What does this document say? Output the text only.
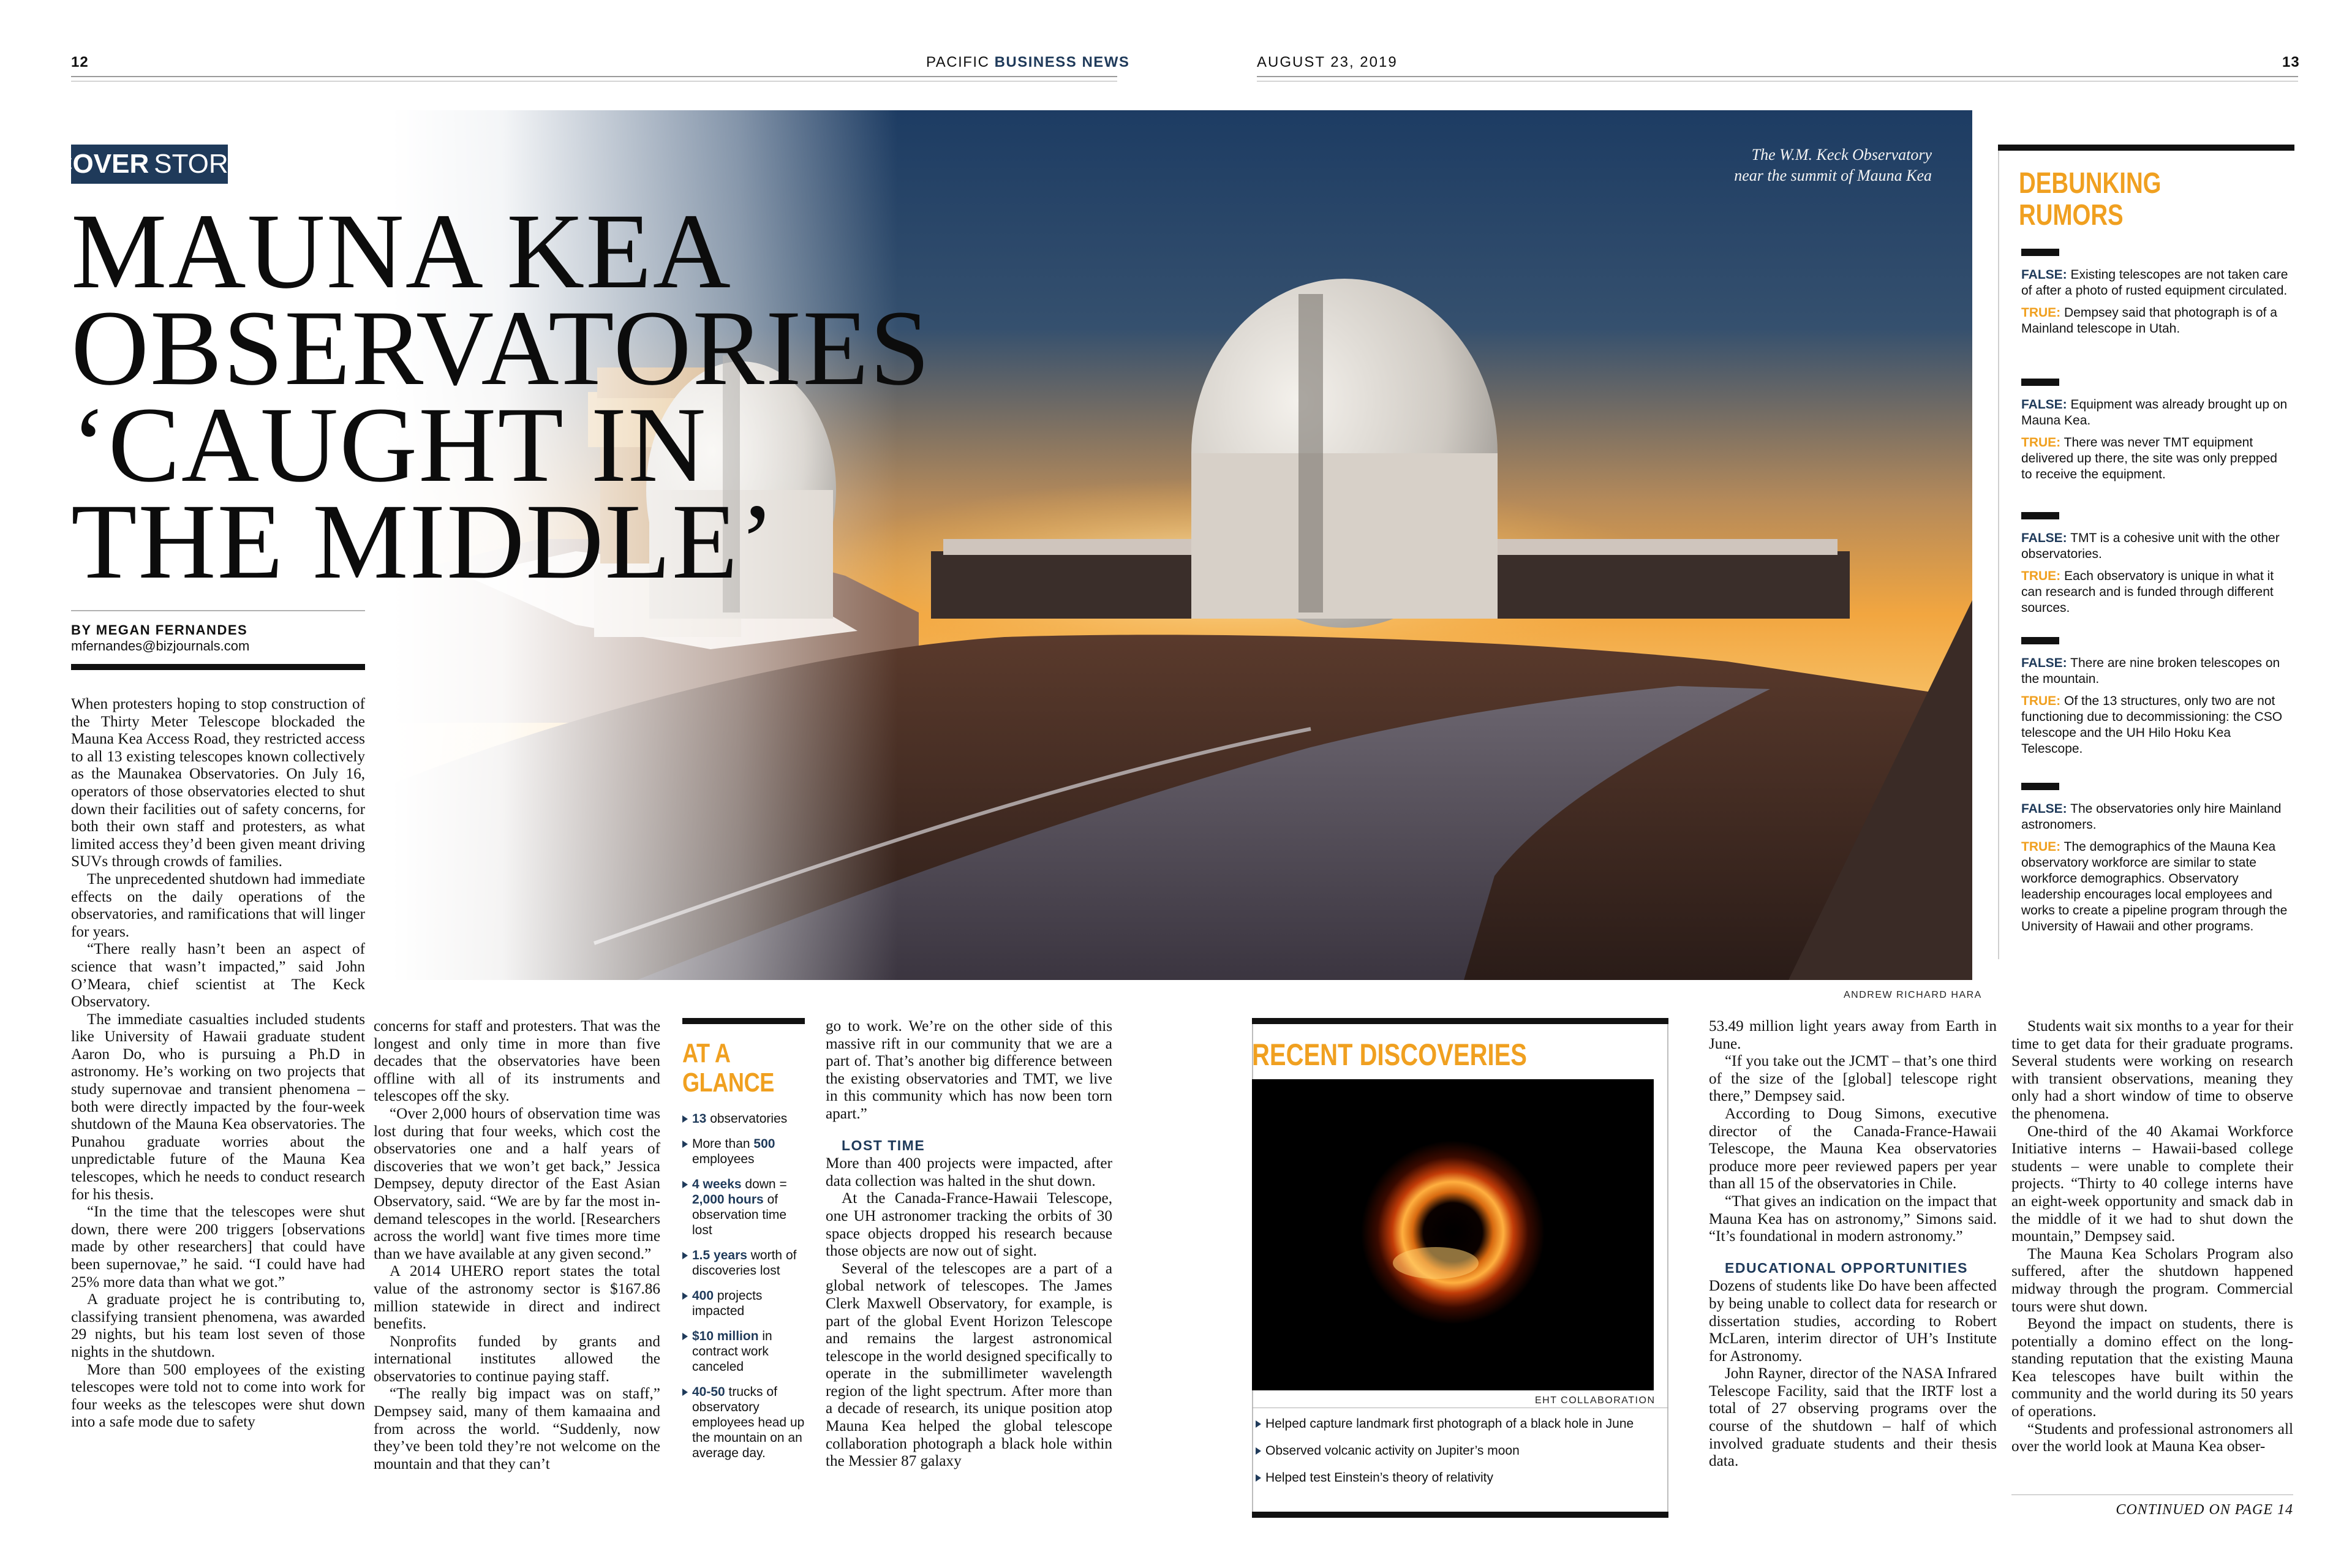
12	PACIFIC BUSINESS NEWS	AUGUST 23, 2019	13
COVER STORY
MAUNA KEA
OBSERVATORIES
‘CAUGHT IN
THE MIDDLE’
The W.M. Keck Observatory
near the summit of Mauna Kea
ANDREW RICHARD HARA
BY MEGAN FERNANDES
mfernandes@bizjournals.com

When protesters hoping to stop construction of the Thirty Meter Telescope blockaded the Mauna Kea Access Road, they restricted access to all 13 existing telescopes known collectively as the Maunakea Observatories. On July 16, operators of those observatories elected to shut down their facilities out of safety concerns, for both their own staff and protesters, as what limited access they’d been given meant driving SUVs through crowds of families.

The unprecedented shutdown had immediate effects on the daily operations of the observatories, and ramifications that will linger for years.

“There really hasn’t been an aspect of science that wasn’t impacted,” said John O’Meara, chief scientist at The Keck Observatory.

The immediate casualties included students like University of Hawaii graduate student Aaron Do, who is pursuing a Ph.D in astronomy. He’s working on two projects that study supernovae and transient phenomena – both were directly impacted by the four-week shutdown of the Mauna Kea observatories. The Punahou graduate worries about the unpredictable future of the Mauna Kea telescopes, which he needs to conduct research for his thesis.

“In the time that the telescopes were shut down, there were 200 triggers [observations made by other researchers] that could have been supernovae,” he said. “I could have had 25% more data than what we got.”

A graduate project he is contributing to, classifying transient phenomena, was awarded 29 nights, but his team lost seven of those nights in the shutdown.

More than 500 employees of the existing telescopes were told not to come into work for four weeks as the telescopes were shut down into a safe mode due to safety

concerns for staff and protesters. That was the longest and only time in more than five decades that the observatories have been offline with all of its instruments and telescopes off the sky.

“Over 2,000 hours of observation time was lost during that four weeks, which cost the observatories one and a half years of discoveries that we won’t get back,” Jessica Dempsey, deputy director of the East Asian Observatory, said. “We are by far the most in-demand telescopes in the world. [Researchers across the world] want five times more time than we have available at any given second.”

A 2014 UHERO report states the total value of the astronomy sector is $167.86 million statewide in direct and indirect benefits.

Nonprofits funded by grants and international institutes allowed the observatories to continue paying staff.

“The really big impact was on staff,” Dempsey said, many of them kamaaina and from across the world. “Suddenly, now they’ve been told they’re not welcome on the mountain and that they can’t

AT A
GLANCE
13 observatories
More than 500 employees
4 weeks down = 2,000 hours of observation time lost
1.5 years worth of discoveries lost
400 projects impacted
$10 million in contract work canceled
40-50 trucks of observatory employees head up the mountain on an average day.

go to work. We’re on the other side of this massive rift in our community that we are a part of. That’s another big difference between the existing observatories and TMT, we live in this community which has now been torn apart.”

LOST TIME

More than 400 projects were impacted, after data collection was halted in the shut down.

At the Canada-France-Hawaii Telescope, one UH astronomer tracking the orbits of 30 space objects dropped his research because those objects are now out of sight.

Several of the telescopes are a part of a global network of telescopes. The James Clerk Maxwell Observatory, for example, is part of the global Event Horizon Telescope and remains the largest astronomical telescope in the world designed specifically to operate in the submillimeter wavelength region of the light spectrum. After more than a decade of research, its unique position atop Mauna Kea helped the global telescope collaboration photograph a black hole within the Messier 87 galaxy

RECENT DISCOVERIES
EHT COLLABORATION
Helped capture landmark first photograph of a black hole in June
Observed volcanic activity on Jupiter’s moon
Helped test Einstein’s theory of relativity

53.49 million light years away from Earth in June.

“If you take out the JCMT – that’s one third of the size of the [global] telescope right there,” Dempsey said.

According to Doug Simons, executive director of the Canada-France-Hawaii Telescope, the Mauna Kea observatories produce more peer reviewed papers per year than all 15 of the observatories in Chile.

“That gives an indication on the impact that Mauna Kea has on astronomy,” Simons said. “It’s foundational in modern astronomy.”

EDUCATIONAL OPPORTUNITIES

Dozens of students like Do have been affected by being unable to collect data for research or dissertation studies, according to Robert McLaren, interim director of UH’s Institute for Astronomy.

John Rayner, director of the NASA Infrared Telescope Facility, said that the IRTF lost a total of 27 observing programs over the course of the shutdown – half of which involved graduate students and their thesis data.

Students wait six months to a year for their time to get data for their graduate programs. Several students were working on research with transient observations, meaning they only had a short window of time to observe the phenomena.

One-third of the 40 Akamai Workforce Initiative interns – Hawaii-based college students – were unable to complete their projects. “Thirty to 40 college interns have an eight-week opportunity and smack dab in the middle of it we had to shut down the mountain,” Dempsey said.

The Mauna Kea Scholars Program also suffered, after the shutdown happened midway through the program. Commercial tours were shut down.

Beyond the impact on students, there is potentially a domino effect on the long-standing reputation that the existing Mauna Kea telescopes have built within the community and the world during its 50 years of operations.

“Students and professional astronomers all over the world look at Mauna Kea obser-

CONTINUED ON PAGE 14
DEBUNKING
RUMORS
FALSE: Existing telescopes are not taken care of after a photo of rusted equipment circulated.
TRUE: Dempsey said that photograph is of a Mainland telescope in Utah.
FALSE: Equipment was already brought up on Mauna Kea.
TRUE: There was never TMT equipment delivered up there, the site was only prepped to receive the equipment.
FALSE: TMT is a cohesive unit with the other observatories.
TRUE: Each observatory is unique in what it can research and is funded through different sources.
FALSE: There are nine broken telescopes on the mountain.
TRUE: Of the 13 structures, only two are not functioning due to decommissioning: the CSO telescope and the UH Hilo Hoku Kea Telescope.
FALSE: The observatories only hire Mainland astronomers.
TRUE: The demographics of the Mauna Kea observatory workforce are similar to state workforce demographics. Observatory leadership encourages local employees and works to create a pipeline program through the University of Hawaii and other programs.
